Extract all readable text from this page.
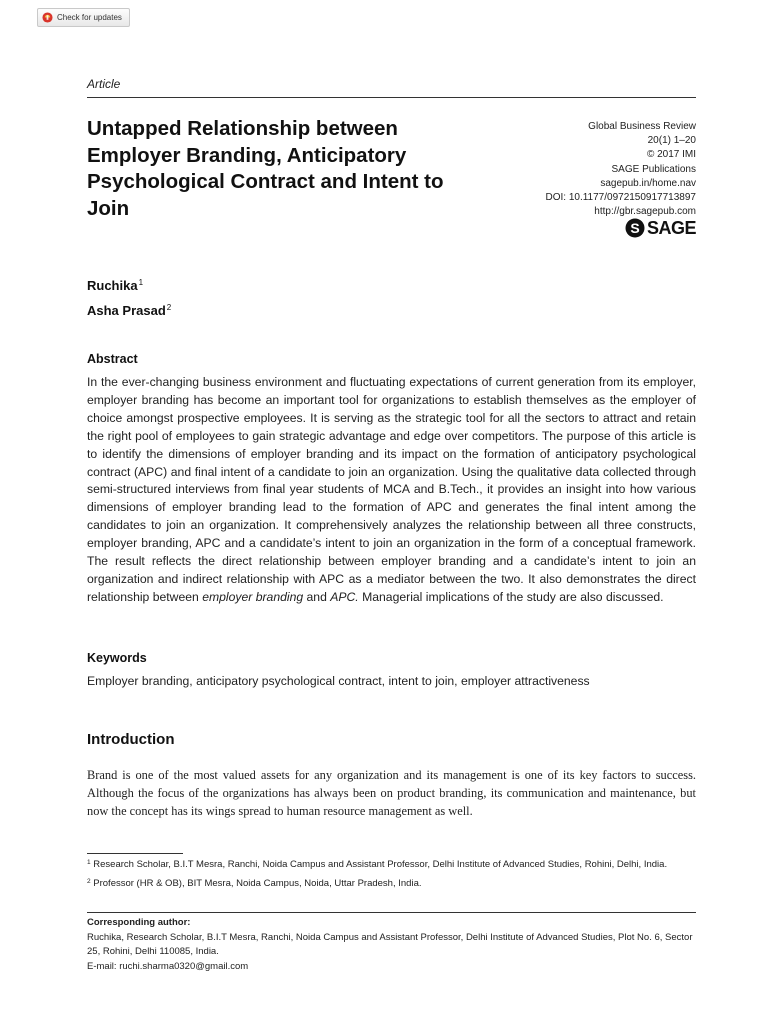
Check for updates
Article
Untapped Relationship between Employer Branding, Anticipatory Psychological Contract and Intent to Join
Global Business Review
20(1) 1–20
© 2017 IMI
SAGE Publications
sagepub.in/home.nav
DOI: 10.1177/0972150917713897
http://gbr.sagepub.com
S SAGE
Ruchika$^1$
Asha Prasad$^2$
Abstract

In the ever-changing business environment and fluctuating expectations of current generation from its employer, employer branding has become an important tool for organizations to establish themselves as the employer of choice amongst prospective employees. It is serving as the strategic tool for all the sectors to attract and retain the right pool of employees to gain strategic advantage and edge over competitors. The purpose of this article is to identify the dimensions of employer branding and its impact on the formation of anticipatory psychological contract (APC) and final intent of a candidate to join an organization. Using the qualitative data collected through semi-structured interviews from final year students of MCA and B.Tech., it provides an insight into how various dimensions of employer branding lead to the formation of APC and generates the final intent among the candidates to join an organization. It comprehensively analyzes the relationship between all three constructs, employer branding, APC and a candidate’s intent to join an organization in the form of a conceptual framework. The result reflects the direct relationship between employer branding and a candidate’s intent to join an organization and indirect relationship with APC as a mediator between the two. It also demonstrates the direct relationship between employer branding and APC. Managerial implications of the study are also discussed.

Keywords

Employer branding, anticipatory psychological contract, intent to join, employer attractiveness

Introduction

Brand is one of the most valued assets for any organization and its management is one of its key factors to success. Although the focus of the organizations has always been on product branding, its communication and maintenance, but now the concept has its wings spread to human resource management as well.

$^1$ Research Scholar, B.I.T Mesra, Ranchi, Noida Campus and Assistant Professor, Delhi Institute of Advanced Studies, Rohini, Delhi, India.

$^2$ Professor (HR & OB), BIT Mesra, Noida Campus, Noida, Uttar Pradesh, India.

Corresponding author:
Ruchika, Research Scholar, B.I.T Mesra, Ranchi, Noida Campus and Assistant Professor, Delhi Institute of Advanced Studies, Plot No. 6, Sector 25, Rohini, Delhi 110085, India.
E-mail: ruchi.sharma0320@gmail.com
